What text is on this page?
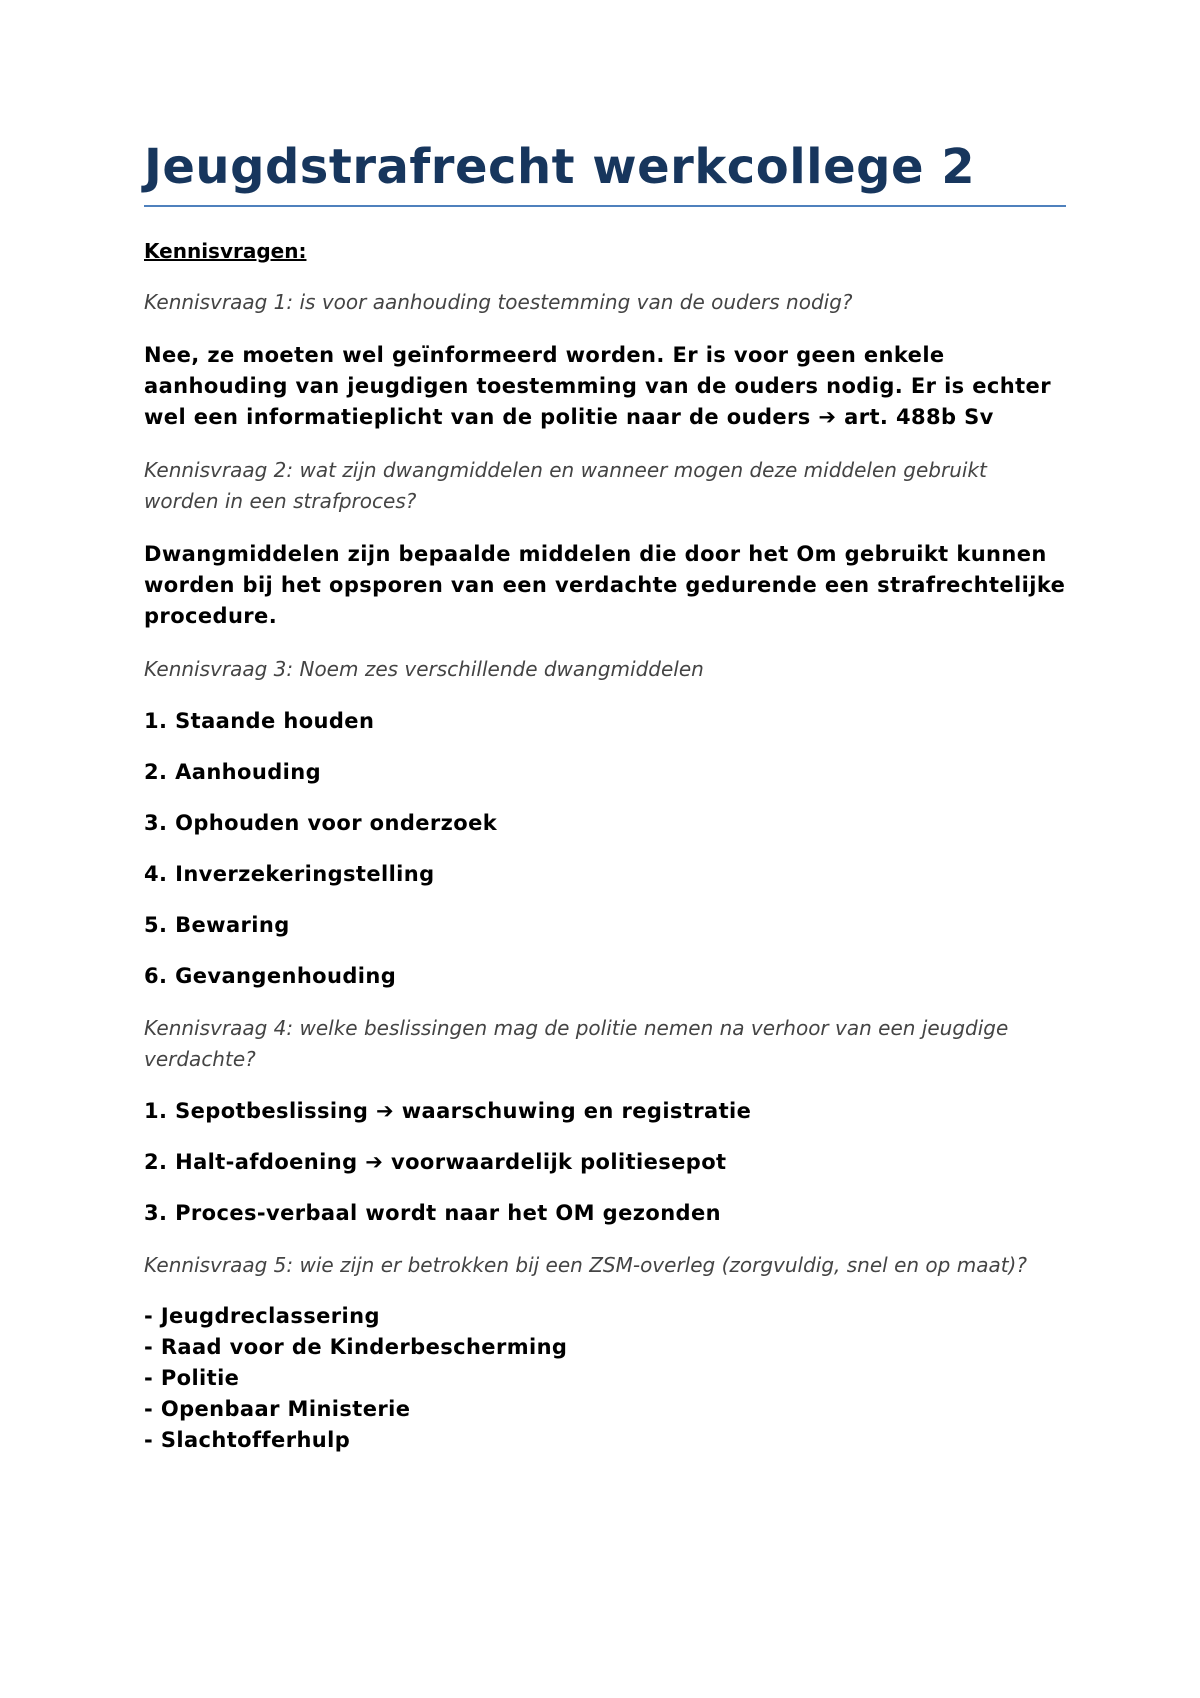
Jeugdstrafrecht werkcollege 2

Kennisvragen:

Kennisvraag 1: is voor aanhouding toestemming van de ouders nodig?

Nee, ze moeten wel geïnformeerd worden. Er is voor geen enkele aanhouding van jeugdigen toestemming van de ouders nodig. Er is echter wel een informatieplicht van de politie naar de ouders ➔ art. 488b Sv

Kennisvraag 2: wat zijn dwangmiddelen en wanneer mogen deze middelen gebruikt worden in een strafproces?

Dwangmiddelen zijn bepaalde middelen die door het Om gebruikt kunnen worden bij het opsporen van een verdachte gedurende een strafrechtelijke procedure.

Kennisvraag 3: Noem zes verschillende dwangmiddelen

1. Staande houden

2. Aanhouding

3. Ophouden voor onderzoek

4. Inverzekeringstelling

5. Bewaring

6. Gevangenhouding

Kennisvraag 4: welke beslissingen mag de politie nemen na verhoor van een jeugdige verdachte?

1. Sepotbeslissing ➔ waarschuwing en registratie

2. Halt-afdoening ➔ voorwaardelijk politiesepot

3. Proces-verbaal wordt naar het OM gezonden

Kennisvraag 5: wie zijn er betrokken bij een ZSM-overleg (zorgvuldig, snel en op maat)?

- Jeugdreclassering
- Raad voor de Kinderbescherming
- Politie
- Openbaar Ministerie
- Slachtofferhulp
